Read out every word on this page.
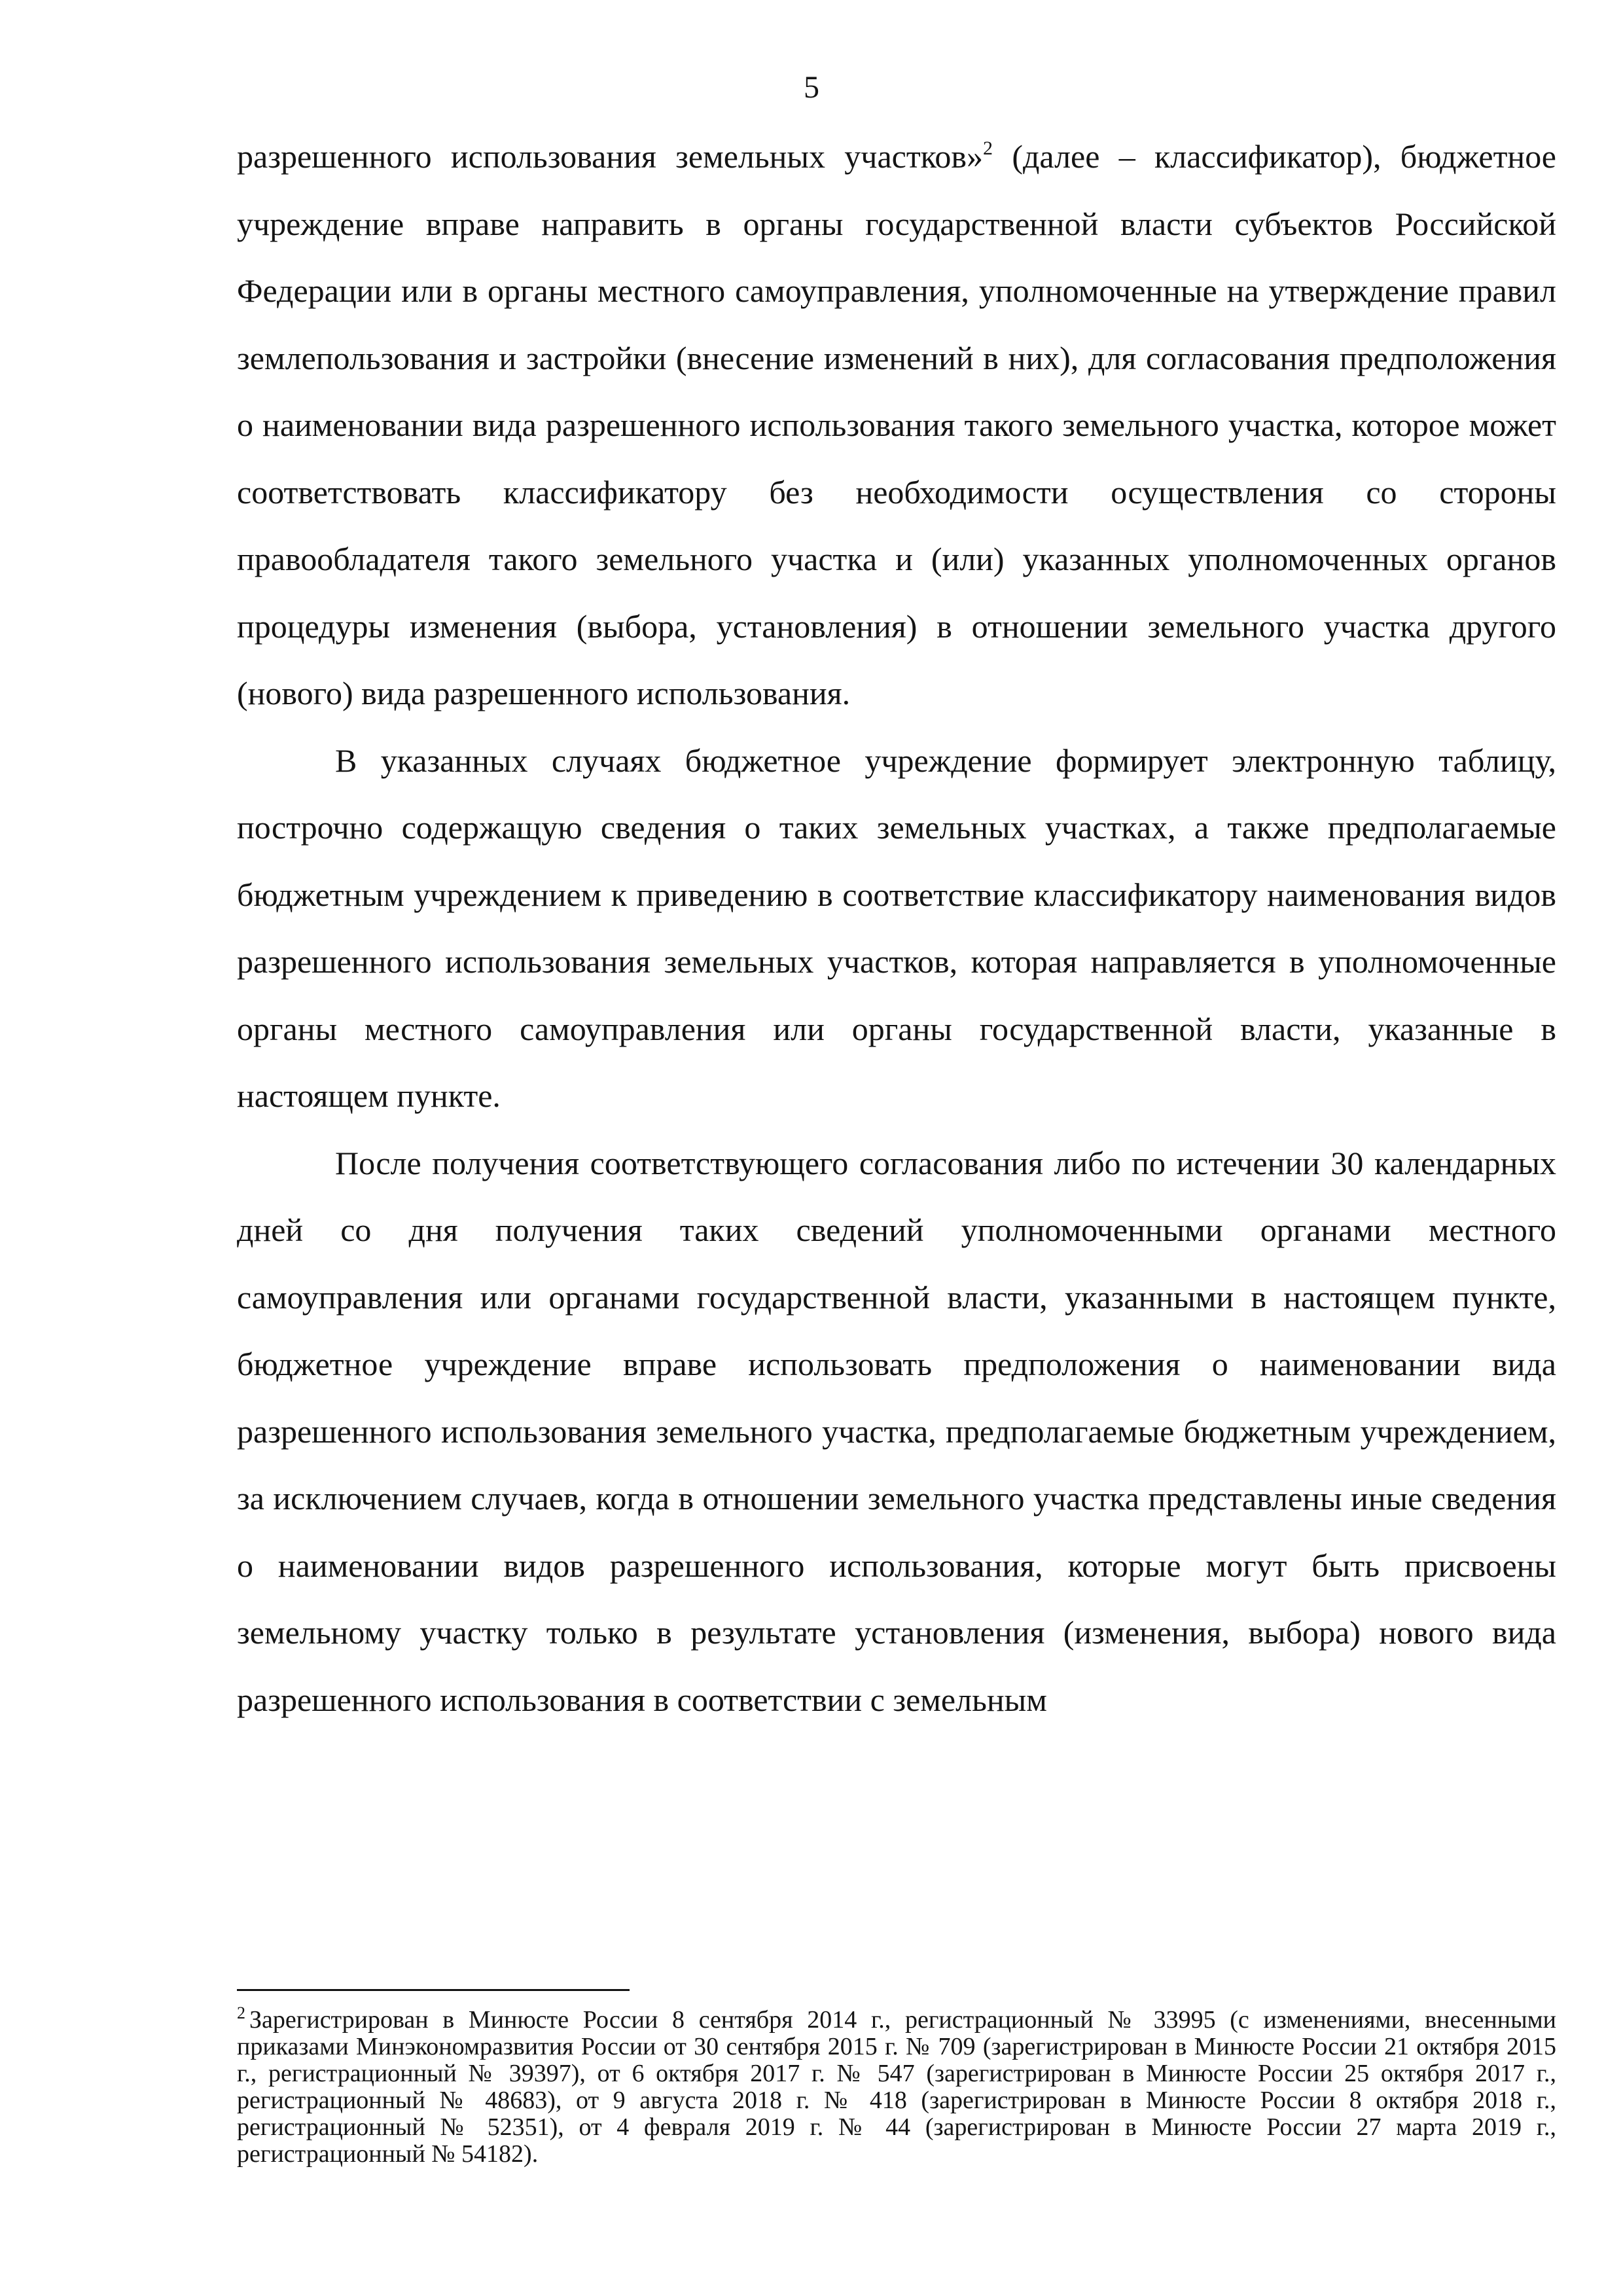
5

разрешенного использования земельных участков»$^2$ (далее – классификатор), бюджетное учреждение вправе направить в органы государственной власти субъектов Российской Федерации или в органы местного самоуправления, уполномоченные на утверждение правил землепользования и застройки (внесение изменений в них), для согласования предположения о наименовании вида разрешенного использования такого земельного участка, которое может соответствовать классификатору без необходимости осуществления со стороны правообладателя такого земельного участка и (или) указанных уполномоченных органов процедуры изменения (выбора, установления) в отношении земельного участка другого (нового) вида разрешенного использования.

В указанных случаях бюджетное учреждение формирует электронную таблицу, построчно содержащую сведения о таких земельных участках, а также предполагаемые бюджетным учреждением к приведению в соответствие классификатору наименования видов разрешенного использования земельных участков, которая направляется в уполномоченные органы местного самоуправления или органы государственной власти, указанные в настоящем пункте.

После получения соответствующего согласования либо по истечении 30 календарных дней со дня получения таких сведений уполномоченными органами местного самоуправления или органами государственной власти, указанными в настоящем пункте, бюджетное учреждение вправе использовать предположения о наименовании вида разрешенного использования земельного участка, предполагаемые бюджетным учреждением, за исключением случаев, когда в отношении земельного участка представлены иные сведения о наименовании видов разрешенного использования, которые могут быть присвоены земельному участку только в результате установления (изменения, выбора) нового вида разрешенного использования в соответствии с земельным

$^2$ Зарегистрирован в Минюсте России 8 сентября 2014 г., регистрационный № 33995 (с изменениями, внесенными приказами Минэкономразвития России от 30 сентября 2015 г. № 709 (зарегистрирован в Минюсте России 21 октября 2015 г., регистрационный № 39397), от 6 октября 2017 г. № 547 (зарегистрирован в Минюсте России 25 октября 2017 г., регистрационный № 48683), от 9 августа 2018 г. № 418 (зарегистрирован в Минюсте России 8 октября 2018 г., регистрационный № 52351), от 4 февраля 2019 г. № 44 (зарегистрирован в Минюсте России 27 марта 2019 г., регистрационный № 54182).
